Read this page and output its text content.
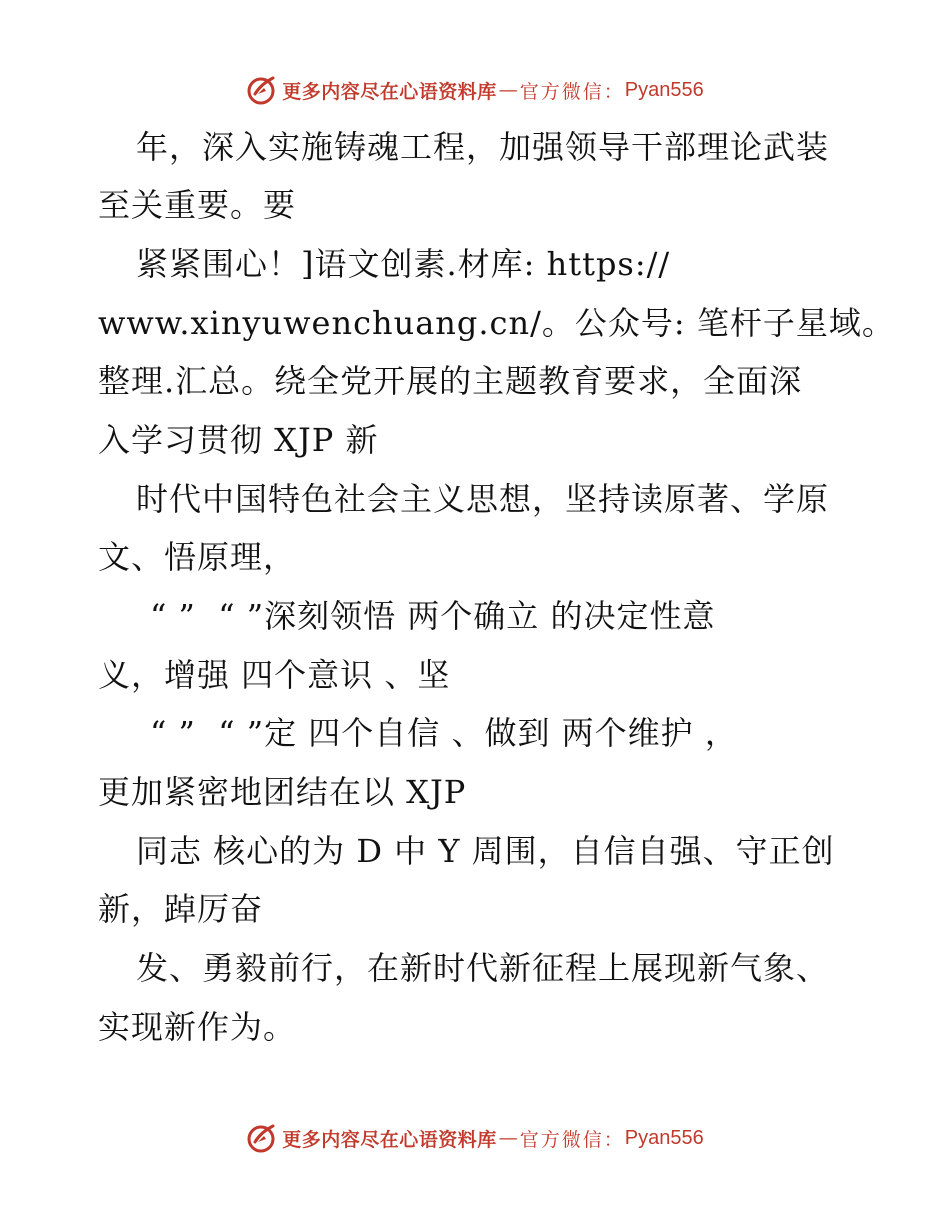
更多内容尽在心语资料库 — 官方微信： Pyan556

年，深入实施铸魂工程，加强领导干部理论武装

至关重要。要

紧紧围心！]语文创素.材库: https://

www.xinyuwenchuang.cn/。公众号: 笔杆子星域。

整理.汇总。绕全党开展的主题教育要求，全面深

入学习贯彻 XJP 新

时代中国特色社会主义思想，坚持读原著、学原

文、悟原理，

“ ”  “ ”深刻领悟 两个确立 的决定性意

义，增强 四个意识 、坚

“ ”  “ ”定 四个自信 、做到 两个维护 ，

更加紧密地团结在以 XJP

同志 核心的为 D 中 Y 周围，自信自强、守正创

新，踔厉奋

发、勇毅前行，在新时代新征程上展现新气象、

实现新作为。

更多内容尽在心语资料库 — 官方微信： Pyan556
